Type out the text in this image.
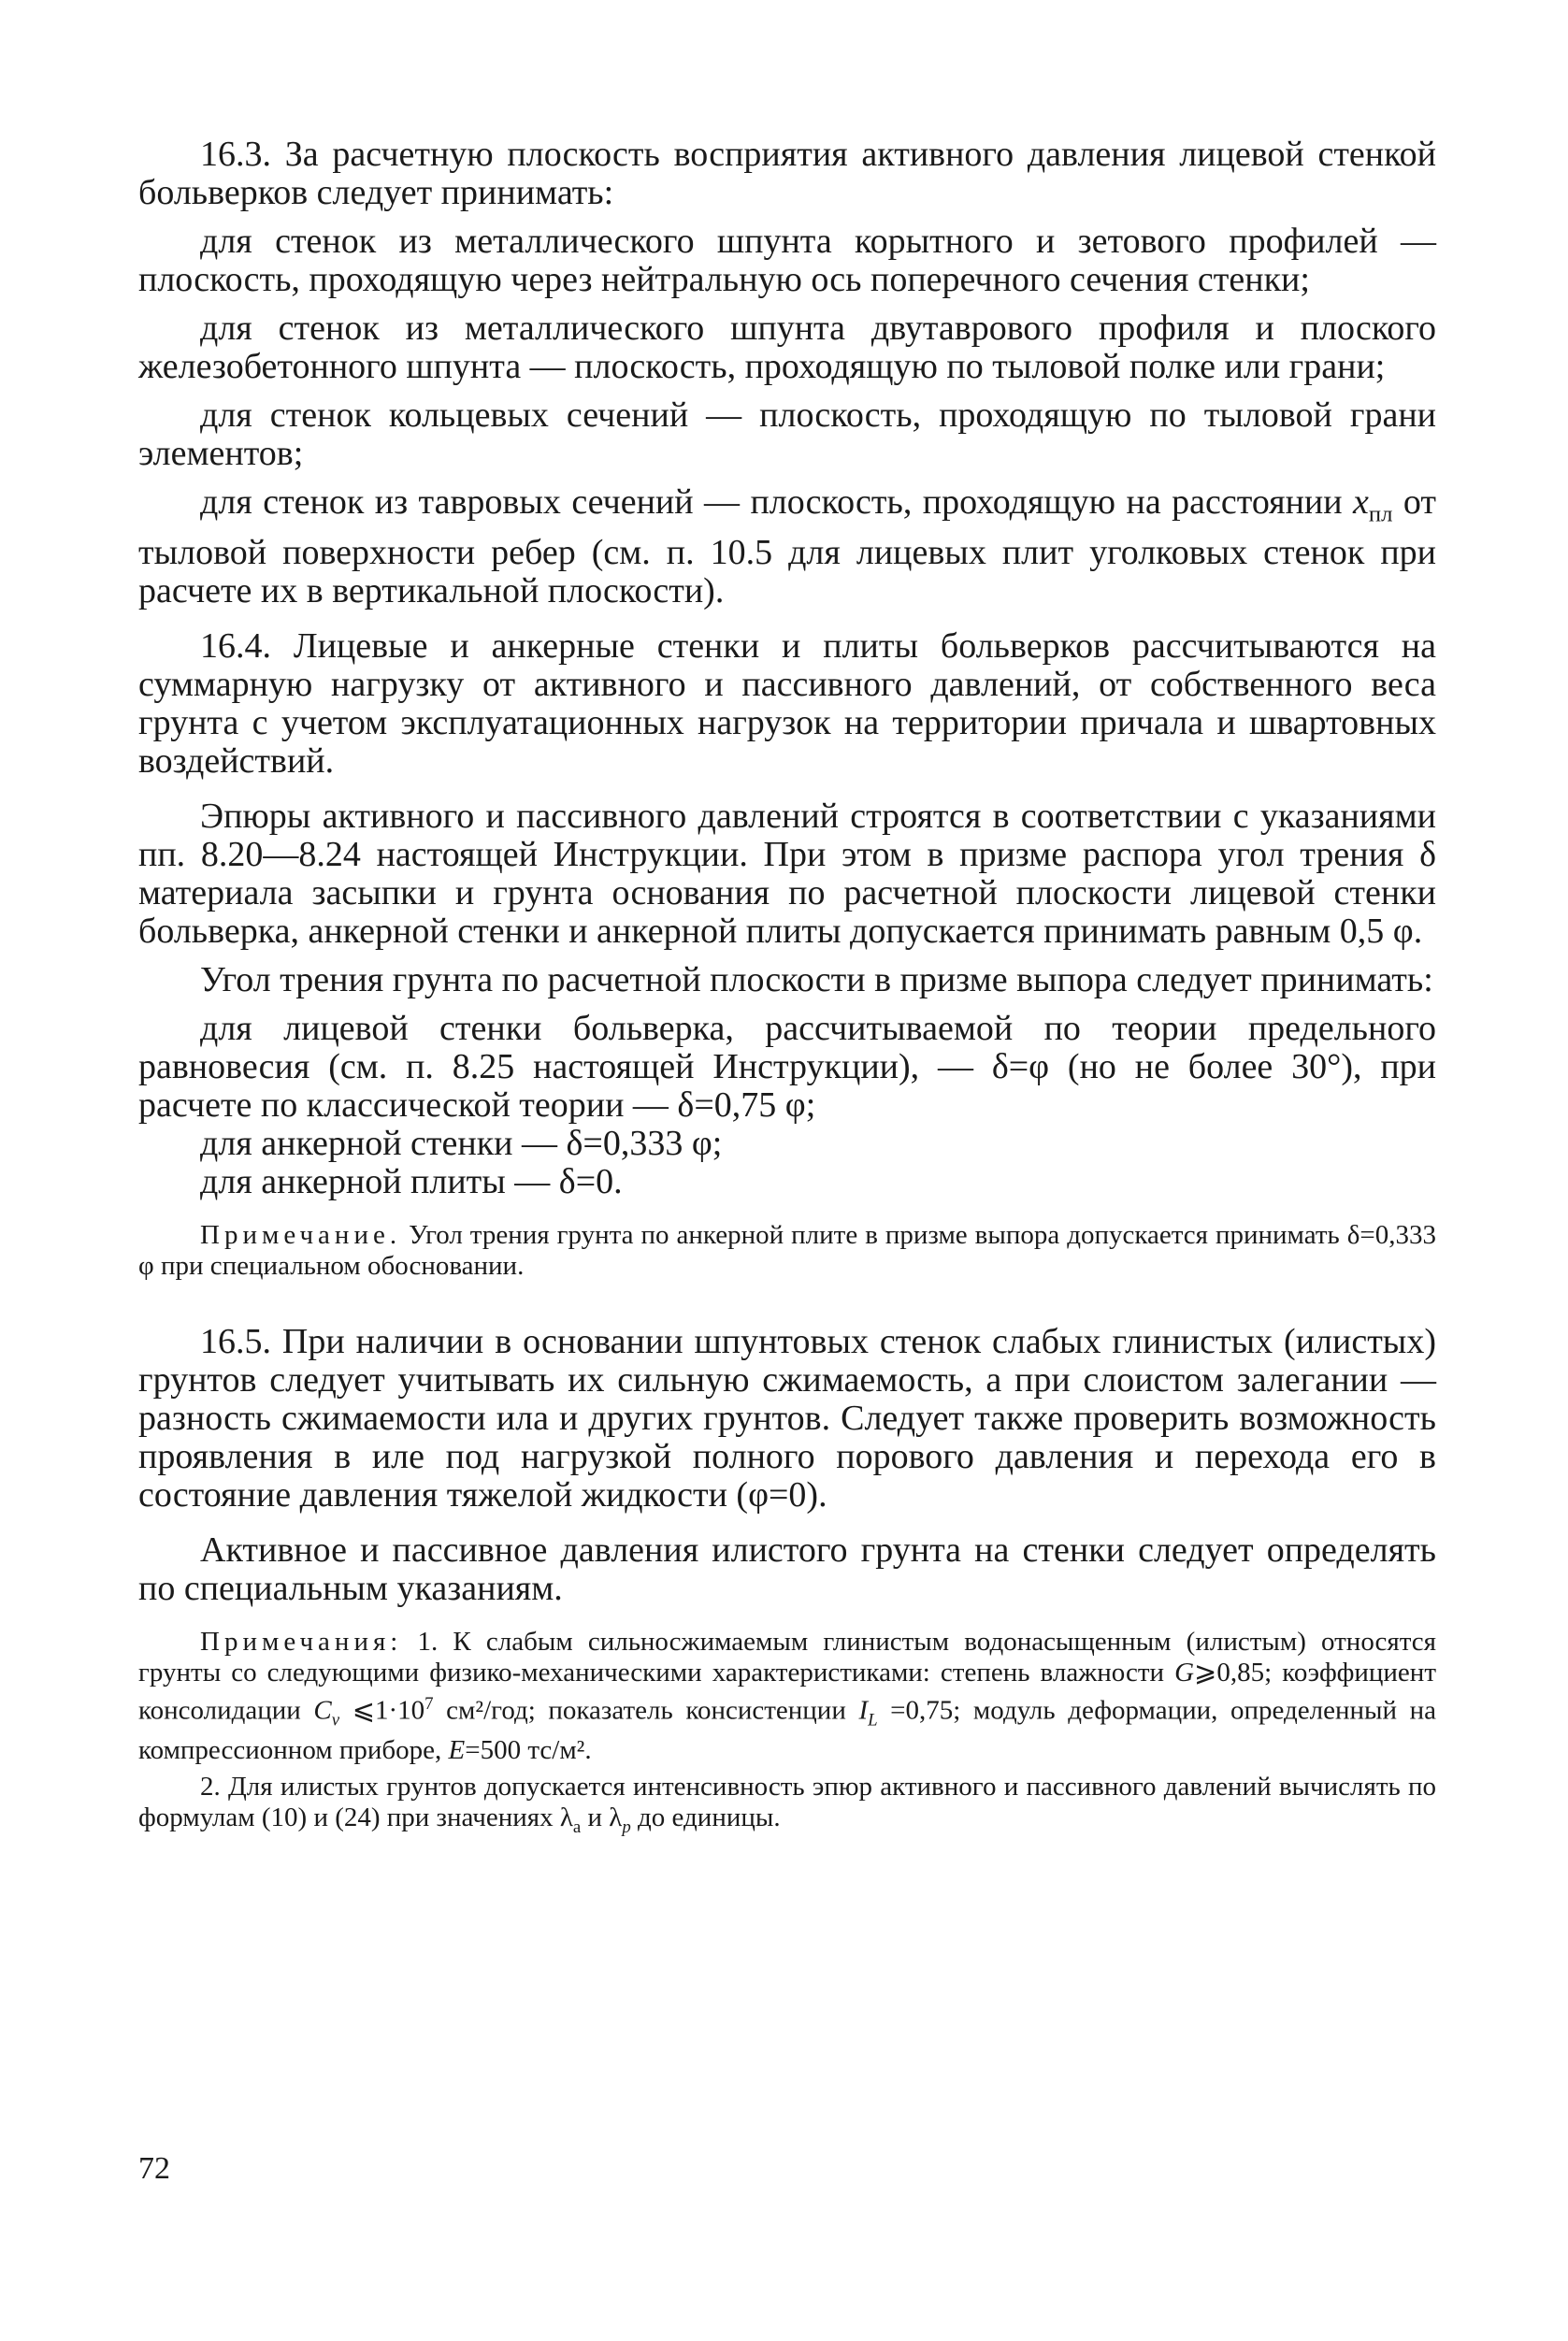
16.3. За расчетную плоскость восприятия активного давления лицевой стенкой больверков следует принимать:

для стенок из металлического шпунта корытного и зетового профилей — плоскость, проходящую через нейтральную ось поперечного сечения стенки;

для стенок из металлического шпунта двутаврового профиля и плоского железобетонного шпунта — плоскость, проходящую по тыловой полке или грани;

для стенок кольцевых сечений — плоскость, проходящую по тыловой грани элементов;

для стенок из тавровых сечений — плоскость, проходящую на расстоянии $x_{пл}$ от тыловой поверхности ребер (см. п. 10.5 для лицевых плит уголковых стенок при расчете их в вертикальной плоскости).

16.4. Лицевые и анкерные стенки и плиты больверков рассчитываются на суммарную нагрузку от активного и пассивного давлений, от собственного веса грунта с учетом эксплуатационных нагрузок на территории причала и швартовных воздействий.

Эпюры активного и пассивного давлений строятся в соответствии с указаниями пп. 8.20—8.24 настоящей Инструкции. При этом в призме распора угол трения δ материала засыпки и грунта основания по расчетной плоскости лицевой стенки больверка, анкерной стенки и анкерной плиты допускается принимать равным 0,5 φ.

Угол трения грунта по расчетной плоскости в призме выпора следует принимать:

для лицевой стенки больверка, рассчитываемой по теории предельного равновесия (см. п. 8.25 настоящей Инструкции), — δ=φ (но не более 30°), при расчете по классической теории — δ=0,75 φ;

для анкерной стенки — δ=0,333 φ;

для анкерной плиты — δ=0.

Примечание. Угол трения грунта по анкерной плите в призме выпора допускается принимать δ=0,333 φ при специальном обосновании.

16.5. При наличии в основании шпунтовых стенок слабых глинистых (илистых) грунтов следует учитывать их сильную сжимаемость, а при слоистом залегании — разность сжимаемости ила и других грунтов. Следует также проверить возможность проявления в иле под нагрузкой полного порового давления и перехода его в состояние давления тяжелой жидкости (φ=0).

Активное и пассивное давления илистого грунта на стенки следует определять по специальным указаниям.

Примечания: 1. К слабым сильносжимаемым глинистым водонасыщенным (илистым) относятся грунты со следующими физико-механическими характеристиками: степень влажности G⩾0,85; коэффициент консолидации $C_v$ $⩽1\cdot 10^7$ см²/год; показатель консистенции $I_L =0,75$; модуль деформации, определенный на компрессионном приборе, E=500 тс/м².

2. Для илистых грунтов допускается интенсивность эпюр активного и пассивного давлений вычислять по формулам (10) и (24) при значениях $\lambda_а$ и $\lambda_p$ до единицы.

72
